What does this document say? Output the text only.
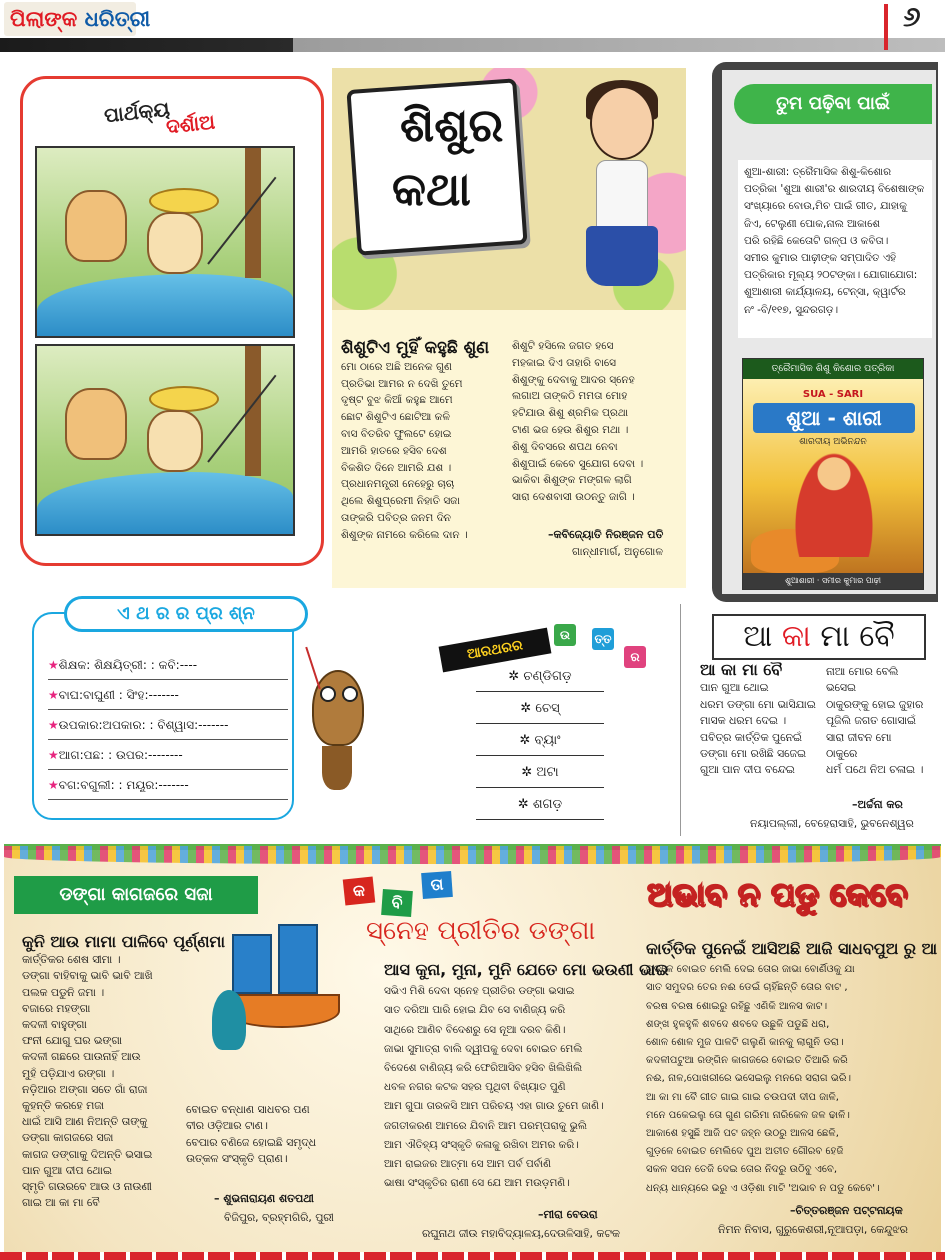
ପିଲାଙ୍କ ଧରିତ୍ରୀ	୬
ପାର୍ଥକ୍ୟ
ଦର୍ଶାଅ	ଶିଶୁର
କଥା
ଶିଶୁଟିଏ ମୁହିଁ କହୁଛି ଶୁଣ
ମୋ ଠାରେ ଅଛି ଅନେକ ଗୁଣ
ପ୍ରତିଭା ଆମର ନ ଦେଖି ତୁମେ
ଦୃଷ୍ଟ ବୁଝ କିଆଁ କହୁଛ ଆମେ
ଛୋଟ ଶିଶୁଟିଏ ଛୋଟିଆ କଳି
ବାସ ବିତରିବ ଫୁଲଟେ ହୋଇ
ଆମରି ହାତରେ ହସିବ ଦେଶ
ବିକଶିତ ଦିନେ ଆମରି ଯଶ ।
ପ୍ରଧାନମନ୍ତ୍ରୀ ନେହେରୁ ଚାଚା
ଥିଲେ ଶିଶୁପ୍ରେମୀ ନିହାତି ସଜା
ତାଙ୍କରି ପବିତ୍ର ଜନମ ଦିନ
ଶିଶୁଙ୍କ ନାମରେ କରିଲେ ଦାନ ।
ଶିଶୁଟି ହସିଲେ ଜଗତ ହସେ
ମହକାଇ ଦିଏ ତାହାରି ବାସେ
ଶିଶୁଙ୍କୁ ଦେବାକୁ ଆଦର ସ୍ନେହ
ଲଗାଅ ତାଙ୍କଠି ମମତା ମୋହ
ହଟିଯାଉ ଶିଶୁ ଶ୍ରମିକ ପ୍ରଥା
ଟାଣ ଭଜ ହେଉ ଶିଶୁର ମଥା ।
ଶିଶୁ ଦିବସରେ ଶପଥ ନେବା
ଶିଶୁପାଇଁ କେବେ ସୁଯୋଗ ଦେବା ।
ଭାକିବା ଶିଶୁଙ୍କ ମଙ୍ଗଳ ଲାଗି
ସାରା ଦେଶବାସୀ ଉଠନ୍ତୁ ଜାଗି ।
–କବିଜ୍ୟୋତି ନିରଞ୍ଜନ ପତି
ଗାନ୍ଧୀମାର୍ଗ, ଅନୁଗୋଳ
ତୁମ ପଢ଼ିବା ପାଇଁ
ଶୁଆ-ଶାରୀ: ତ୍ରୈମାସିକ ଶିଶୁ-କିଶୋର
ପତ୍ରିକା 'ଶୁଆ ଶାରୀ'ର ଶାରଦୀୟ ବିଶେଷାଙ୍କ
ସଂଖ୍ୟାରେ ବୋଉ,ମିଚ ପାଇଁ ଗୀତ, ଯାହାକୁ
ଜିଏ, ଟେଲୁଣୀ ପୋକ,ନାଲ ଆକାଶେ
ପରି ରହିଛି କେତୋଟି ଗଳ୍ପ ଓ କବିତା।
ସମୀର କୁମାର ପାଢ଼ୀଙ୍କ ସମ୍ପାଦିତ ଏହି
ପତ୍ରିକାର ମୂଲ୍ୟ ୨୦ଟଙ୍କା। ଯୋଗାଯୋଗ:
ଶୁଆଶାରୀ କାର୍ଯ୍ୟାଳୟ, ଟେନ୍ସା, କ୍ୱାର୍ଟର
ନଂ -ବି/୧୧୭, ସୁନ୍ଦରଗଡ଼।
ତ୍ରୈମାସିକ ଶିଶୁ କିଶୋର ପତ୍ରିକା
SUA - SARI
ଶୁଆ - ଶାରୀ
ଶାରଦୀୟ ଅଭିନନ୍ଦନ
ଶୁଆଶାରୀ · ସମୀର କୁମାର ପାଢ଼ୀ
ଏ ଥ ର ର ପ୍ର ଶ୍ନ
★ଶିକ୍ଷକ: ଶିକ୍ଷୟିତ୍ରୀ: : କବି:----
★ବାଘ:ବାଘୁଣୀ : ସିଂହ:-------
★ଉପକାର:ଅପକାର: : ବିଶ୍ୱାସ:-------
★ଆଗ:ପଛ: : ଉପର:--------
★ବଗ:ବଗୁଲୀ: : ମୟୂର:-------
ଆରଥରର
ଉ	ତ୍ତ
ର
✲ ଚଣ୍ଡିଗଡ଼
✲ ଚେସ୍
✲ ବ୍ୟାଂ
✲ ଅଟା
✲ ଶଗଡ଼
ଆ କା ମା ବୈ
ଆ କା ମା ବୈ
ପାନ ଗୁଆ ଥୋଇ
ଧରମ ଡଙ୍ଗା ମୋ ଭାସିଯାଇ
ମାସକ ଧରମ ଦେଇ ।
ପବିତ୍ର କାର୍ତ୍ତିକ ପୁନେଇଁ
ଡଙ୍ଗା ମୋ ରଖିଛି ସଜେଇ
ଗୁଆ ପାନ ଦୀପ ବନ୍ଦେଇ
ନାଆ ମୋର ବେଲି
ଭସେଇ
ଠାକୁରଙ୍କୁ ହୋଇ ଜୁହାର
ପୂଜିଲି ଜଗତ ଗୋସାଇଁ
ସାରା ଜୀବନ ମୋ
ଠାକୁରେ
ଧର୍ମ ପଥେ ନିଅ ଚଳାଇ ।
–ଅର୍ଚ୍ଚନା କର
ନୟାପଲ୍ଲୀ, ବେହେରାସାହି, ଭୁବନେଶ୍ୱର
ଡଙ୍ଗା କାଗଜରେ ସଜା
କୁନି ଆଉ ମାମା ପାଳିବେ ପୂର୍ଣ୍ଣମା
କାର୍ତ୍ତିକର ଶେଷ ସୀମା ।
ଡଙ୍ଗା ବାହିବାକୁ ଭାବି ଭାବି ଆଖି
ପଲକ ପଡୁନି ଜମା ।
ବଜାରେ ମହଙ୍ଗା
କଦଳୀ ବାହୁଙ୍ଗା
ଫନୀ ଯୋଗୁ ଘର ଭଙ୍ଗା
କଦଳୀ ଗଛରେ ପାଉନାହିଁ ଆଉ
ମୁହଁ ପଡ଼ିଯାଏ ରଙ୍ଗା ।
ନଡ଼ିଆର ଅଙ୍ଗା ସତେ ଗାଁ ରାଜା
କୁହନ୍ତି କରହେ ମଜା
ଧାଇଁ ଆସି ଆଣ ନିଅନ୍ତି ତାଙ୍କୁ
ଡଙ୍ଗା କାଗଜରେ ସଜା
କାଗଜ ଡଙ୍ଗାକୁ ଦିଅନ୍ତି ଭସାଇ
ପାନ ଗୁଆ ଦୀପ ଥୋଇ
ସ୍ମୃତି ଗଉରବେ ଆଉ ଓ ନାଉଣୀ
ଗାଇ ଆ କା ମା ବୈ
ବୋଇତ ବନ୍ଧାଣ ସାଧବର ପଣ
ବୀର ଓଡ଼ିଆର ଟାଣ।
ବେପାର ବଣିଜେ ହୋଇଛି ସମୃଦ୍ଧ
ଉତ୍କଳ ସଂସ୍କୃତି ପ୍ରାଣ।
– ଶୁଭନାରାୟଣ ଶତପଥୀ
ବିଜିପୁର, ବ୍ରହ୍ମଗିରି, ପୁରୀ
କ
ବି
ତା
ସ୍ନେହ ପ୍ରୀତିର ଡଙ୍ଗା
ଆସ କୁନା, ମୁନା, ମୁନି ଯେତେ ମୋ ଭଉଣୀ ଭାଇ
ସଭିଏ ମିଶି ଦେବା ସ୍ନେହ ପ୍ରୀତିର ଡଙ୍ଗା ଭସାଇ
ସାତ ଦରିଆ ପାରି ହୋଇ ଯିବ ସେ ବାଣିଜ୍ୟ କରି
ସାଥିରେ ଆଣିବ ବିଦେଶରୁ ସେ ନୂଆ ଦରବ କିଣି।
ଜାଭା ସୁମାତ୍ରା ବାଲି ଦ୍ୱୀପକୁ ଦେବା ବୋଇତ ମେଲି
ବିଦେଶେ ବାଣିଜ୍ୟ କରି ଫେରିଆସିବ ହସିବ ଖିଲିଖିଲି
ଧବଳ ନଗର କଟକ ସହର ପୃଥିବୀ ବିଖ୍ୟାତ ପୁଣି
ଆମ ଗୁପା ତାରକସି ଆମ ପରିଚୟ ଏହା ଗାଉ ତୁମେ ଜାଣି।
ଜଗତୀକରଣ ଆମରେ ଯିବାନି ଆମ ପରମ୍ପରାକୁ ଭୁଲି
ଆମ ଐତିହ୍ୟ ସଂସ୍କୃତି କଳାକୁ ରଖିବା ଅମର କରି।
ଆମ ରାଇଜର ଆତ୍ମା ସେ ଆମ ପର୍ବ ପର୍ବାଣି
ଭାଷା ସଂସ୍କୃତିର ରାଣୀ ସେ ଯେ ଆମ ମଉଡ଼ମଣି।
–ମୀରା ବେଉରା
ରଘୁନାଥ ଜୀଉ ମହାବିଦ୍ୟାଳୟ,ଦେଉଳିସାହି, କଟକ
ଅଭାବ ନ ପଡୁ କେବେ
କାର୍ତ୍ତିକ ପୁନେଇଁ ଆସିଅଛି ଆଜି ସାଧବପୁଅ ରୁ ଆ
ଗୁଡ଼ଳେ ବୋଇତ ମେଲି ଦେଇ ତୋର ଜାଭା ବୋର୍ଣିଓକୁ ଯା
ସାତ ସମୁଦର ତେର ନଈ ଡେଇଁ ଚାହିଁଛନ୍ତି ତୋର ବାଟ ,
ବରଷ ବରଷ ଶୋଇରୁ ରହିଛୁ ଏଣିକି ଆଳସ କାଟ।
ଶଙ୍ଖ ହୁଳହୁଳି ଶବଦେ ଶବଦେ ଉଛୁଳି ପଡୁଛି ଧରା,
ଶୋଳ ଶୋଳ ମୁଜ ପାଳଟି ଗଲୁଣି କାନକୁ ଲାଗୁନି ଡରା।
କଦଳୀପଟୁଆ ରଙ୍ଗିନ କାଗଜରେ ବୋଇତ ତିଆରି କରି
ନଈ, ନାଳ,ପୋଖରୀରେ ଭସେଇଲୁ ମନରେ ସରାଗ ଭରି।
ଆ କା ମା ବୈ ଗୀତ ଗାଇ ଗାଇ ଚଉପଦୀ ଦୀପ ଜାଳି,
ମନେ ପକେଇଲୁ ତୋ ଗୁଣ ଗରିମା ନାରିକେଳ ଜଳ ଢାଳି।
ଆକାଶେ ହସୁଛି ଆଜି ପଟ ଜହ୍ନ ଉଠରୁ ଆଳସ ଛେଳି,
ଗୁଡ଼ଳେ ବୋଇତ ମେଲିଦେ ପୁଅ ଅତୀତ ଗୌରବ ହେଜି
ସକଳ ସପନ ତେଜି ଦେଇ ତୋର ନିଦରୁ ଉଠିବୁ ଏବେ,
ଧନ୍ୟ ଧାନ୍ୟରେ ଭରୁ ଏ ଓଡ଼ିଶା ମାଟି 'ଅଭାବ ନ ପଡୁ କେବେ'।
–ଚିତ୍ତରଞ୍ଜନ ପଟ୍ଟନାୟକ
ନିମନ ନିବାସ, ଗୁରୁକେଶରୀ,ନୂଆପଡ଼ା, କେନ୍ଦୁଝର
